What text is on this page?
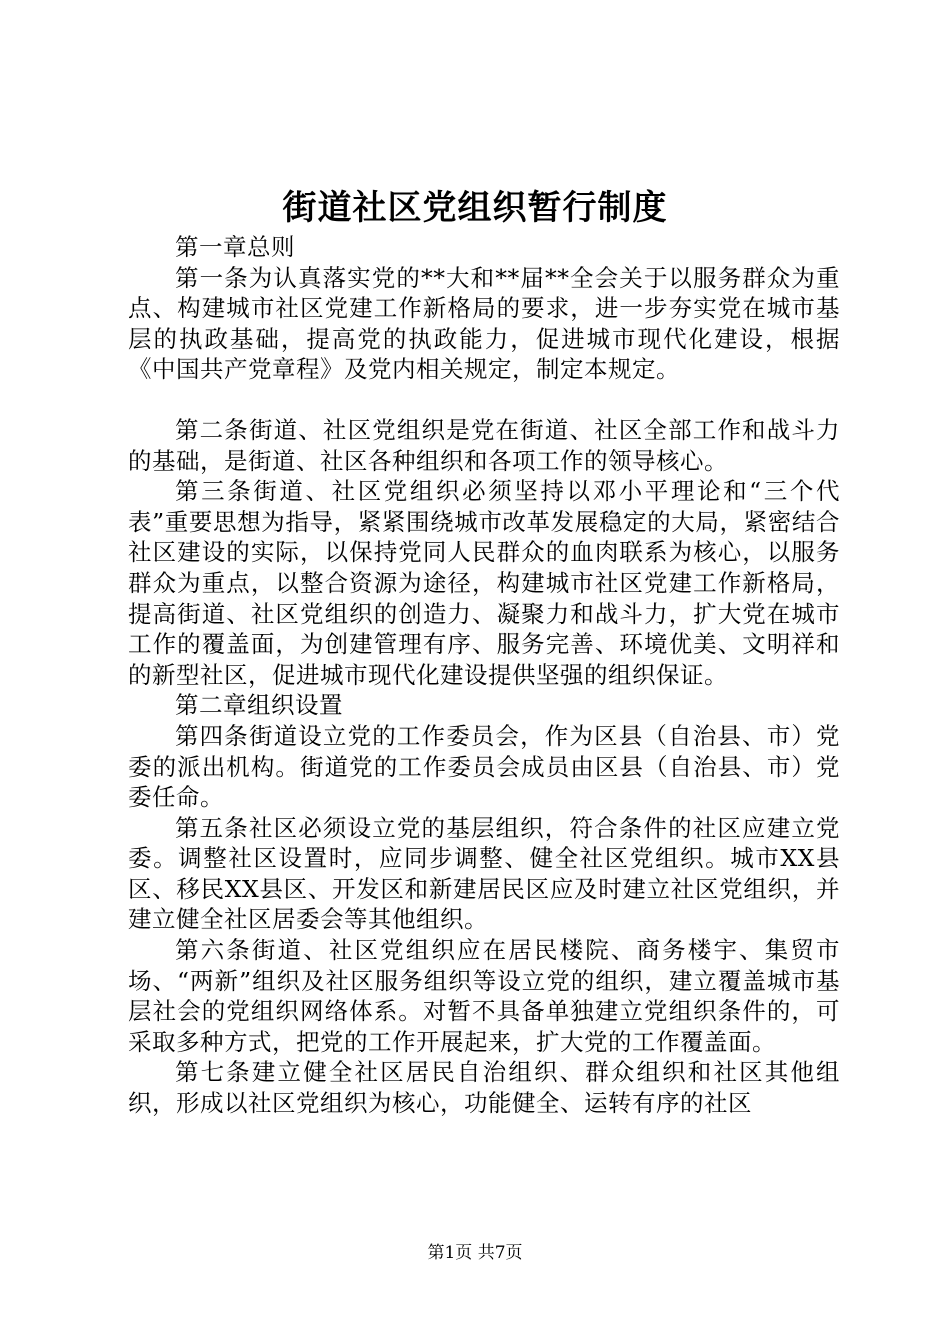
街道社区党组织暂行制度

第一章总则

第一条为认真落实党的**大和**届**全会关于以服务群众为重点、构建城市社区党建工作新格局的要求，进一步夯实党在城市基层的执政基础，提高党的执政能力，促进城市现代化建设，根据《中国共产党章程》及党内相关规定，制定本规定。

第二条街道、社区党组织是党在街道、社区全部工作和战斗力的基础，是街道、社区各种组织和各项工作的领导核心。

第三条街道、社区党组织必须坚持以邓小平理论和“三个代表”重要思想为指导，紧紧围绕城市改革发展稳定的大局，紧密结合社区建设的实际，以保持党同人民群众的血肉联系为核心，以服务群众为重点，以整合资源为途径，构建城市社区党建工作新格局，提高街道、社区党组织的创造力、凝聚力和战斗力，扩大党在城市工作的覆盖面，为创建管理有序、服务完善、环境优美、文明祥和的新型社区，促进城市现代化建设提供坚强的组织保证。

第二章组织设置

第四条街道设立党的工作委员会，作为区县（自治县、市）党委的派出机构。街道党的工作委员会成员由区县（自治县、市）党委任命。

第五条社区必须设立党的基层组织，符合条件的社区应建立党委。调整社区设置时，应同步调整、健全社区党组织。城市XX县区、移民XX县区、开发区和新建居民区应及时建立社区党组织，并建立健全社区居委会等其他组织。

第六条街道、社区党组织应在居民楼院、商务楼宇、集贸市场、“两新”组织及社区服务组织等设立党的组织，建立覆盖城市基层社会的党组织网络体系。对暂不具备单独建立党组织条件的，可采取多种方式，把党的工作开展起来，扩大党的工作覆盖面。

第七条建立健全社区居民自治组织、群众组织和社区其他组织，形成以社区党组织为核心，功能健全、运转有序的社区

第1页 共7页
